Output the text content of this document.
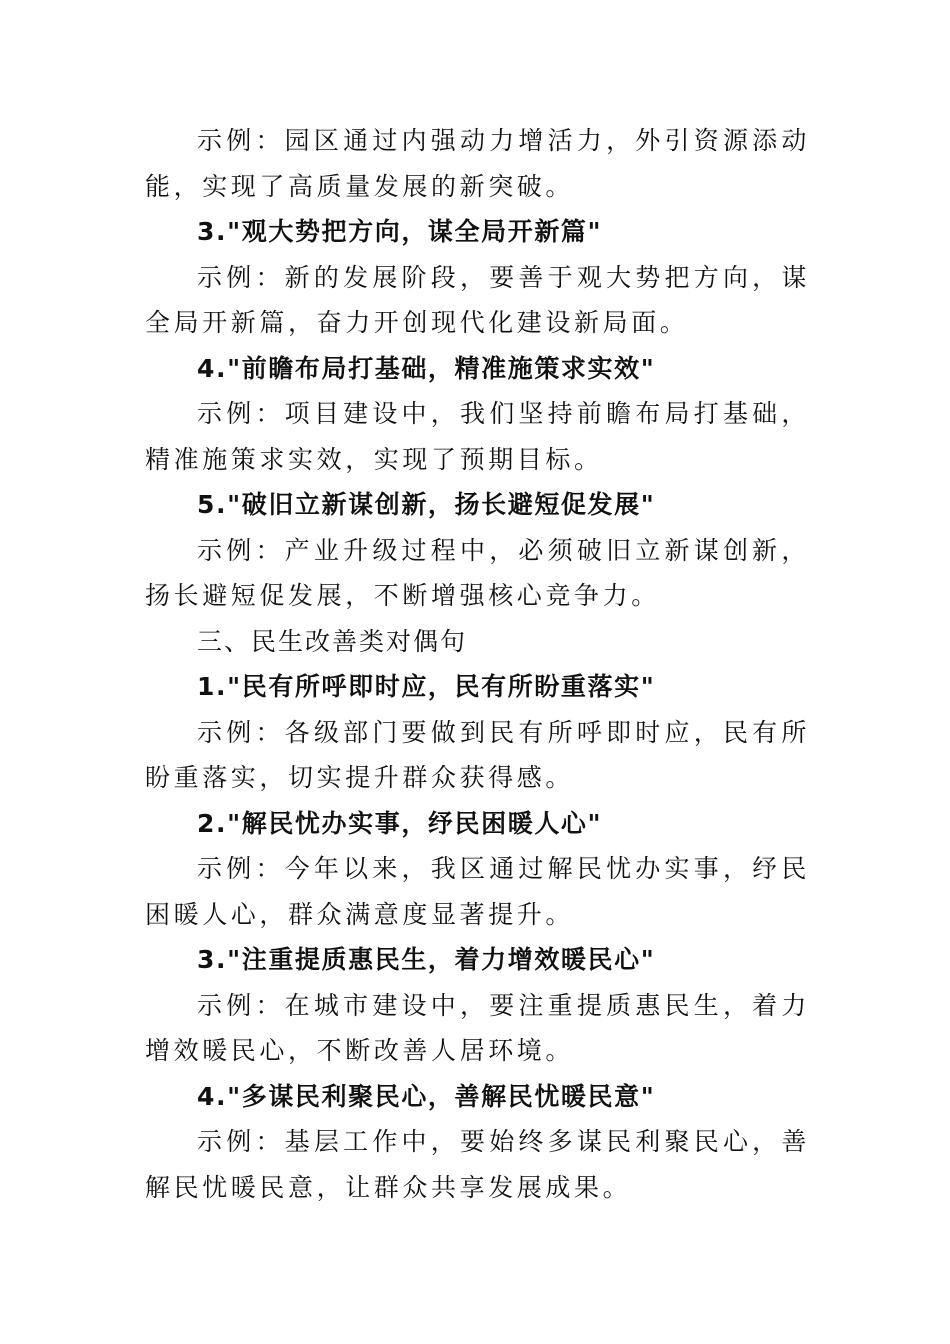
示例：园区通过内强动力增活力，外引资源添动能，实现了高质量发展的新突破。

3."观大势把方向，谋全局开新篇"

示例：新的发展阶段，要善于观大势把方向，谋全局开新篇，奋力开创现代化建设新局面。

4."前瞻布局打基础，精准施策求实效"

示例：项目建设中，我们坚持前瞻布局打基础，精准施策求实效，实现了预期目标。

5."破旧立新谋创新，扬长避短促发展"

示例：产业升级过程中，必须破旧立新谋创新，扬长避短促发展，不断增强核心竞争力。

三、民生改善类对偶句

1."民有所呼即时应，民有所盼重落实"

示例：各级部门要做到民有所呼即时应，民有所盼重落实，切实提升群众获得感。

2."解民忧办实事，纾民困暖人心"

示例：今年以来，我区通过解民忧办实事，纾民困暖人心，群众满意度显著提升。

3."注重提质惠民生，着力增效暖民心"

示例：在城市建设中，要注重提质惠民生，着力增效暖民心，不断改善人居环境。

4."多谋民利聚民心，善解民忧暖民意"

示例：基层工作中，要始终多谋民利聚民心，善解民忧暖民意，让群众共享发展成果。
